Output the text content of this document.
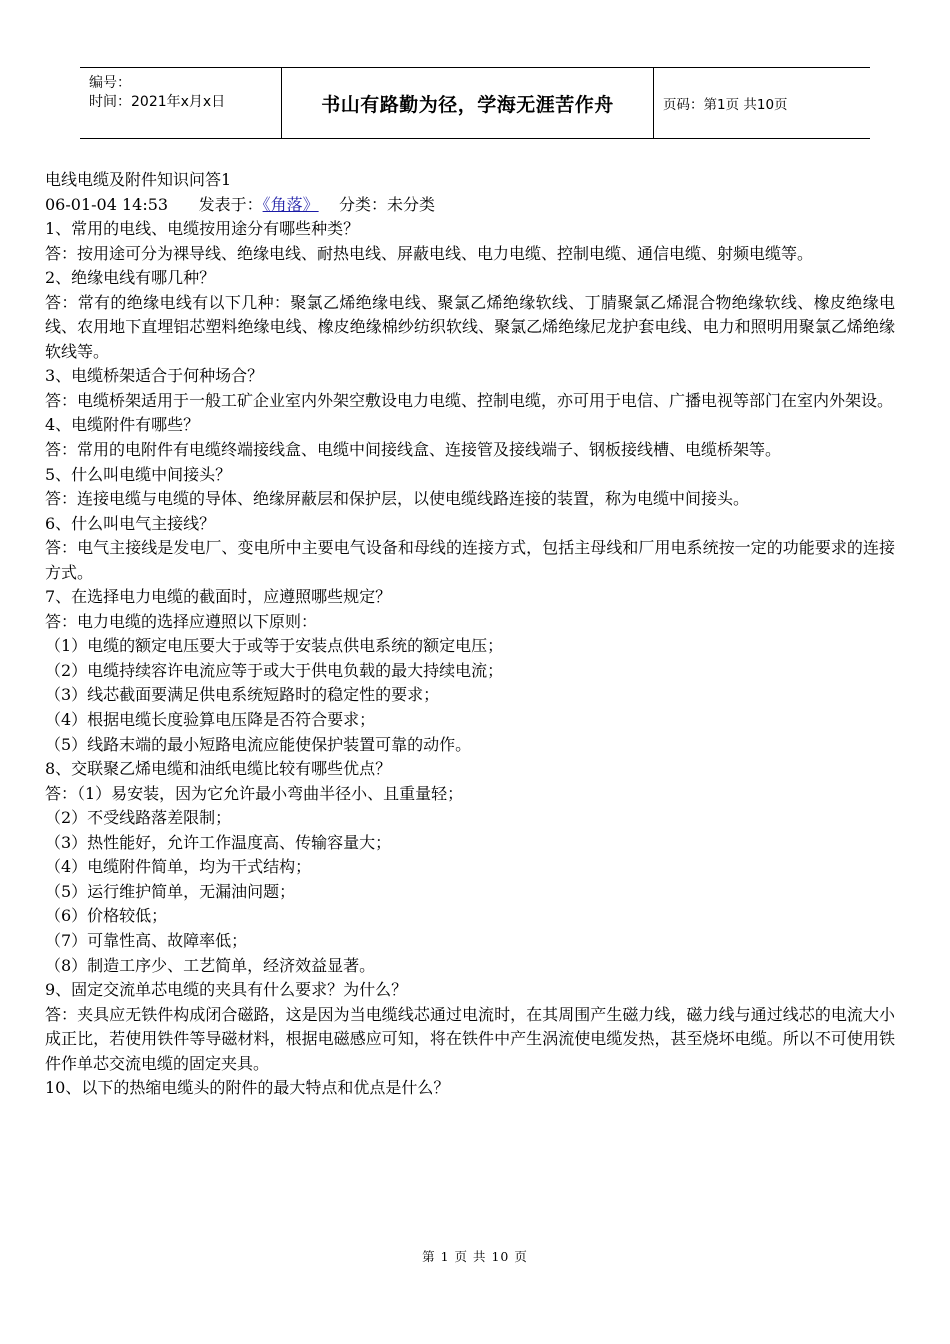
编号：
时间：2021年x月x日	书山有路勤为径，学海无涯苦作舟	页码：第1页 共10页

电线电缆及附件知识问答1

06-01-04 14:53      发表于：《角落》    分类：未分类

1、常用的电线、电缆按用途分有哪些种类？

答：按用途可分为裸导线、绝缘电线、耐热电线、屏蔽电线、电力电缆、控制电缆、通信电缆、射频电缆等。

2、绝缘电线有哪几种？

答：常有的绝缘电线有以下几种：聚氯乙烯绝缘电线、聚氯乙烯绝缘软线、丁腈聚氯乙烯混合物绝缘软线、橡皮绝缘电线、农用地下直埋铝芯塑料绝缘电线、橡皮绝缘棉纱纺织软线、聚氯乙烯绝缘尼龙护套电线、电力和照明用聚氯乙烯绝缘软线等。

3、电缆桥架适合于何种场合？

答：电缆桥架适用于一般工矿企业室内外架空敷设电力电缆、控制电缆，亦可用于电信、广播电视等部门在室内外架设。

4、电缆附件有哪些？

答：常用的电附件有电缆终端接线盒、电缆中间接线盒、连接管及接线端子、钢板接线槽、电缆桥架等。

5、什么叫电缆中间接头？

答：连接电缆与电缆的导体、绝缘屏蔽层和保护层，以使电缆线路连接的装置，称为电缆中间接头。

6、什么叫电气主接线？

答：电气主接线是发电厂、变电所中主要电气设备和母线的连接方式，包括主母线和厂用电系统按一定的功能要求的连接方式。

7、在选择电力电缆的截面时，应遵照哪些规定？

答：电力电缆的选择应遵照以下原则：

（1）电缆的额定电压要大于或等于安装点供电系统的额定电压；

（2）电缆持续容许电流应等于或大于供电负载的最大持续电流；

（3）线芯截面要满足供电系统短路时的稳定性的要求；

（4）根据电缆长度验算电压降是否符合要求；

（5）线路末端的最小短路电流应能使保护装置可靠的动作。

8、交联聚乙烯电缆和油纸电缆比较有哪些优点？

答：（1）易安装，因为它允许最小弯曲半径小、且重量轻；

（2）不受线路落差限制；

（3）热性能好，允许工作温度高、传输容量大；

（4）电缆附件简单，均为干式结构；

（5）运行维护简单，无漏油问题；

（6）价格较低；

（7）可靠性高、故障率低；

（8）制造工序少、工艺简单，经济效益显著。

9、固定交流单芯电缆的夹具有什么要求？为什么？

答：夹具应无铁件构成闭合磁路，这是因为当电缆线芯通过电流时，在其周围产生磁力线，磁力线与通过线芯的电流大小成正比，若使用铁件等导磁材料，根据电磁感应可知，将在铁件中产生涡流使电缆发热，甚至烧坏电缆。所以不可使用铁件作单芯交流电缆的固定夹具。

10、以下的热缩电缆头的附件的最大特点和优点是什么？

第 1 页 共 10 页
